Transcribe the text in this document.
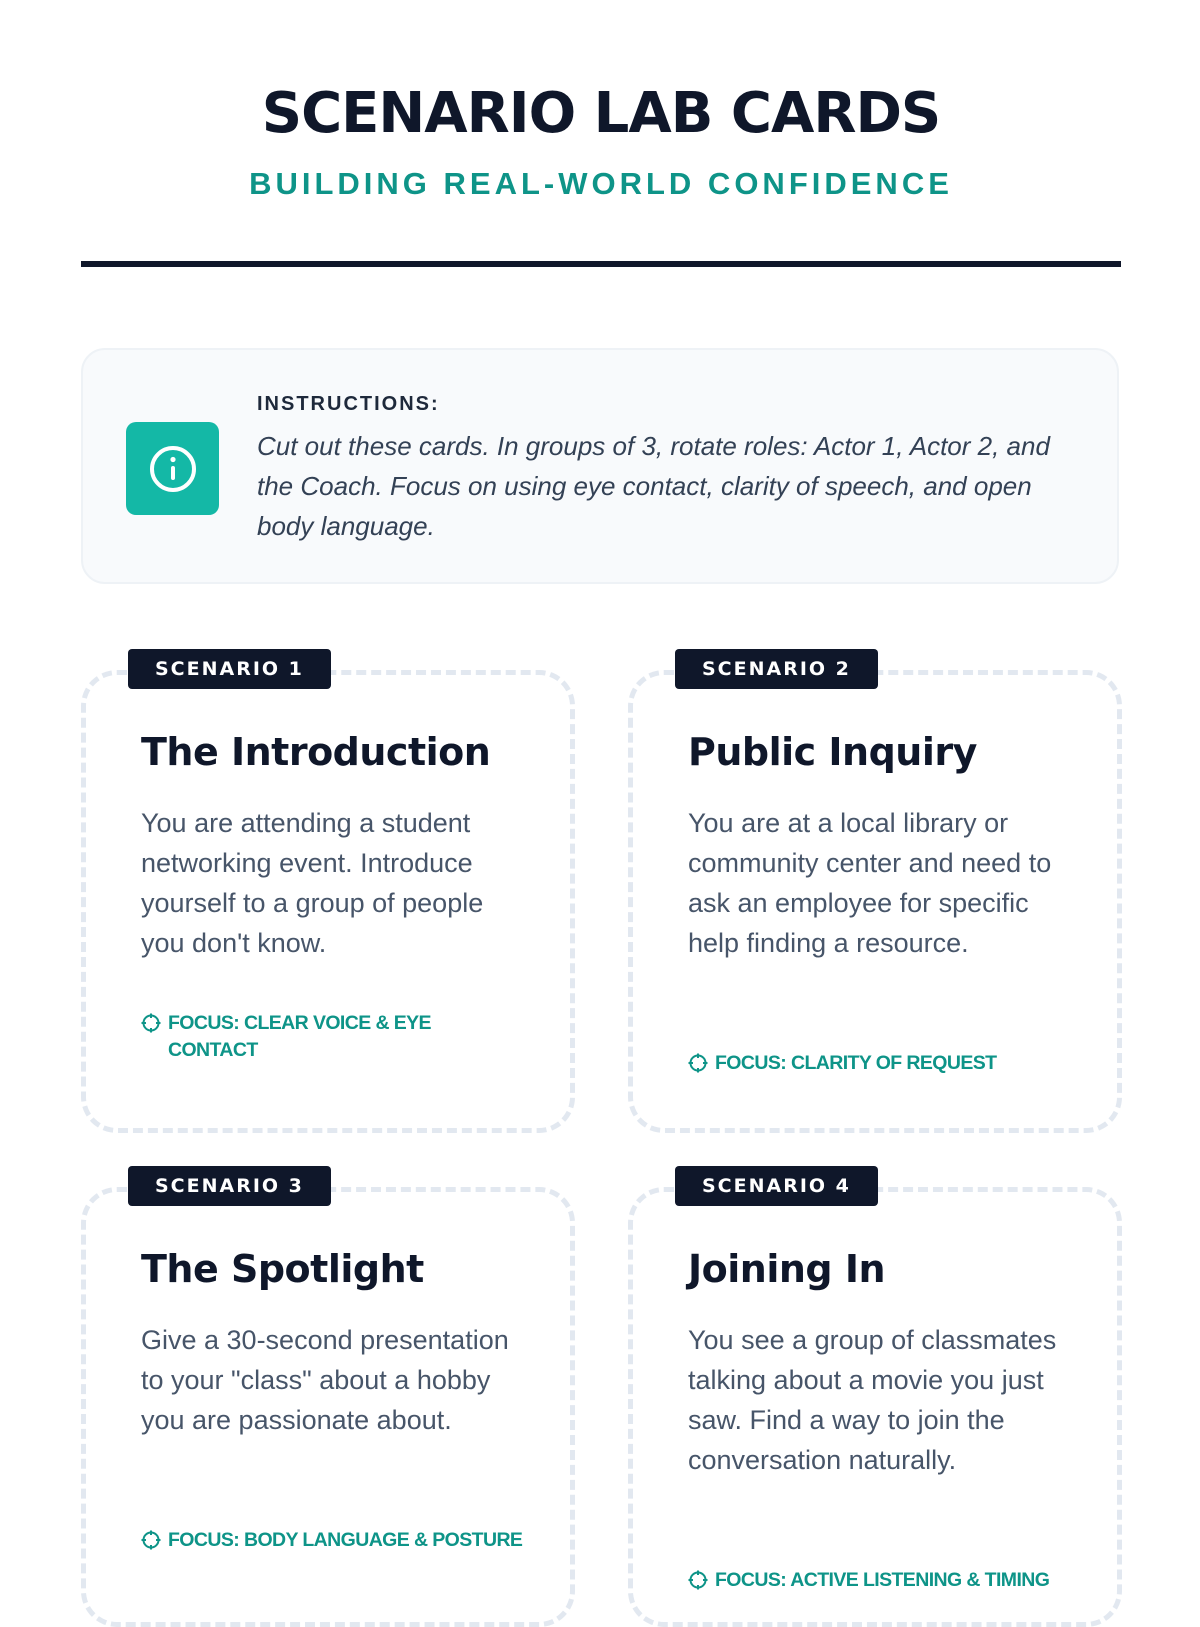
SCENARIO LAB CARDS
BUILDING REAL-WORLD CONFIDENCE
INSTRUCTIONS:
Cut out these cards. In groups of 3, rotate roles: Actor 1, Actor 2, and the Coach. Focus on using eye contact, clarity of speech, and open body language.
SCENARIO 1
The Introduction
You are attending a student networking event. Introduce yourself to a group of people you don't know.
FOCUS: CLEAR VOICE & EYE CONTACT
SCENARIO 2
Public Inquiry
You are at a local library or community center and need to ask an employee for specific help finding a resource.
FOCUS: CLARITY OF REQUEST
SCENARIO 3
The Spotlight
Give a 30-second presentation to your "class" about a hobby you are passionate about.
FOCUS: BODY LANGUAGE & POSTURE
SCENARIO 4
Joining In
You see a group of classmates talking about a movie you just saw. Find a way to join the conversation naturally.
FOCUS: ACTIVE LISTENING & TIMING
